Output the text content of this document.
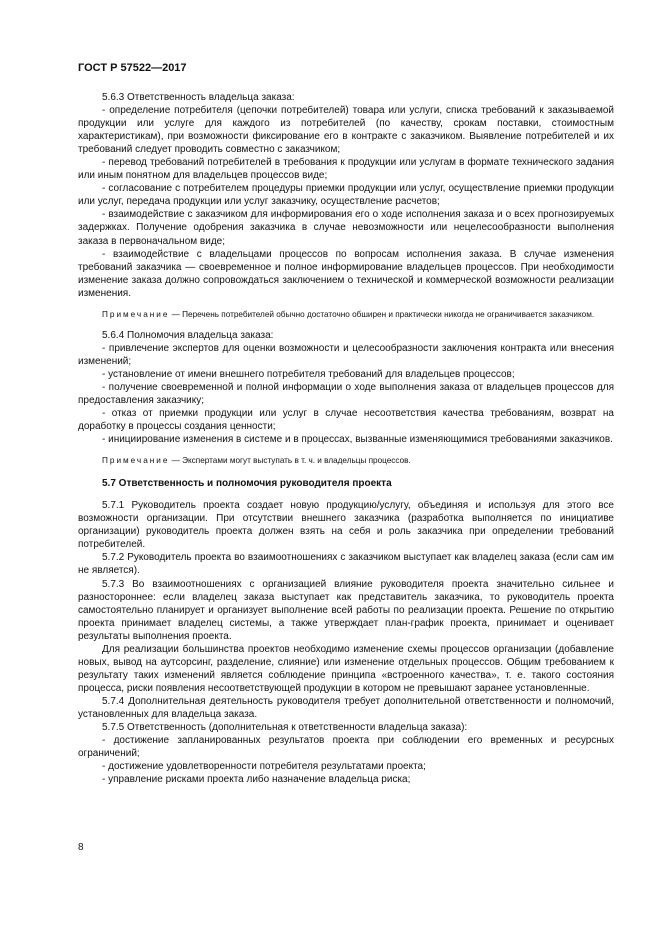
ГОСТ Р 57522—2017
5.6.3 Ответственность владельца заказа:
- определение потребителя (цепочки потребителей) товара или услуги, списка требований к заказываемой продукции или услуге для каждого из потребителей (по качеству, срокам поставки, стоимостным характеристикам), при возможности фиксирование его в контракте с заказчиком. Выявление потребителей и их требований следует проводить совместно с заказчиком;
- перевод требований потребителей в требования к продукции или услугам в формате технического задания или иным понятном для владельцев процессов виде;
- согласование с потребителем процедуры приемки продукции или услуг, осуществление приемки продукции или услуг, передача продукции или услуг заказчику, осуществление расчетов;
- взаимодействие с заказчиком для информирования его о ходе исполнения заказа и о всех прогнозируемых задержках. Получение одобрения заказчика в случае невозможности или нецелесообразности выполнения заказа в первоначальном виде;
- взаимодействие с владельцами процессов по вопросам исполнения заказа. В случае изменения требований заказчика — своевременное и полное информирование владельцев процессов. При необходимости изменение заказа должно сопровождаться заключением о технической и коммерческой возможности реализации изменения.
Примечание — Перечень потребителей обычно достаточно обширен и практически никогда не ограничивается заказчиком.
5.6.4 Полномочия владельца заказа:
- привлечение экспертов для оценки возможности и целесообразности заключения контракта или внесения изменений;
- установление от имени внешнего потребителя требований для владельцев процессов;
- получение своевременной и полной информации о ходе выполнения заказа от владельцев процессов для предоставления заказчику;
- отказ от приемки продукции или услуг в случае несоответствия качества требованиям, возврат на доработку в процессы создания ценности;
- инициирование изменения в системе и в процессах, вызванные изменяющимися требованиями заказчиков.
Примечание — Экспертами могут выступать в т. ч. и владельцы процессов.
5.7 Ответственность и полномочия руководителя проекта
5.7.1 Руководитель проекта создает новую продукцию/услугу, объединяя и используя для этого все возможности организации. При отсутствии внешнего заказчика (разработка выполняется по инициативе организации) руководитель проекта должен взять на себя и роль заказчика при определении требований потребителей.
5.7.2 Руководитель проекта во взаимоотношениях с заказчиком выступает как владелец заказа (если сам им не является).
5.7.3 Во взаимоотношениях с организацией влияние руководителя проекта значительно сильнее и разностороннее: если владелец заказа выступает как представитель заказчика, то руководитель проекта самостоятельно планирует и организует выполнение всей работы по реализации проекта. Решение по открытию проекта принимает владелец системы, а также утверждает план-график проекта, принимает и оценивает результаты выполнения проекта.
Для реализации большинства проектов необходимо изменение схемы процессов организации (добавление новых, вывод на аутсорсинг, разделение, слияние) или изменение отдельных процессов. Общим требованием к результату таких изменений является соблюдение принципа «встроенного качества», т. е. такого состояния процесса, риски появления несоответствующей продукции в котором не превышают заранее установленные.
5.7.4 Дополнительная деятельность руководителя требует дополнительной ответственности и полномочий, установленных для владельца заказа.
5.7.5 Ответственность (дополнительная к ответственности владельца заказа):
- достижение запланированных результатов проекта при соблюдении его временных и ресурсных ограничений;
- достижение удовлетворенности потребителя результатами проекта;
- управление рисками проекта либо назначение владельца риска;
8
